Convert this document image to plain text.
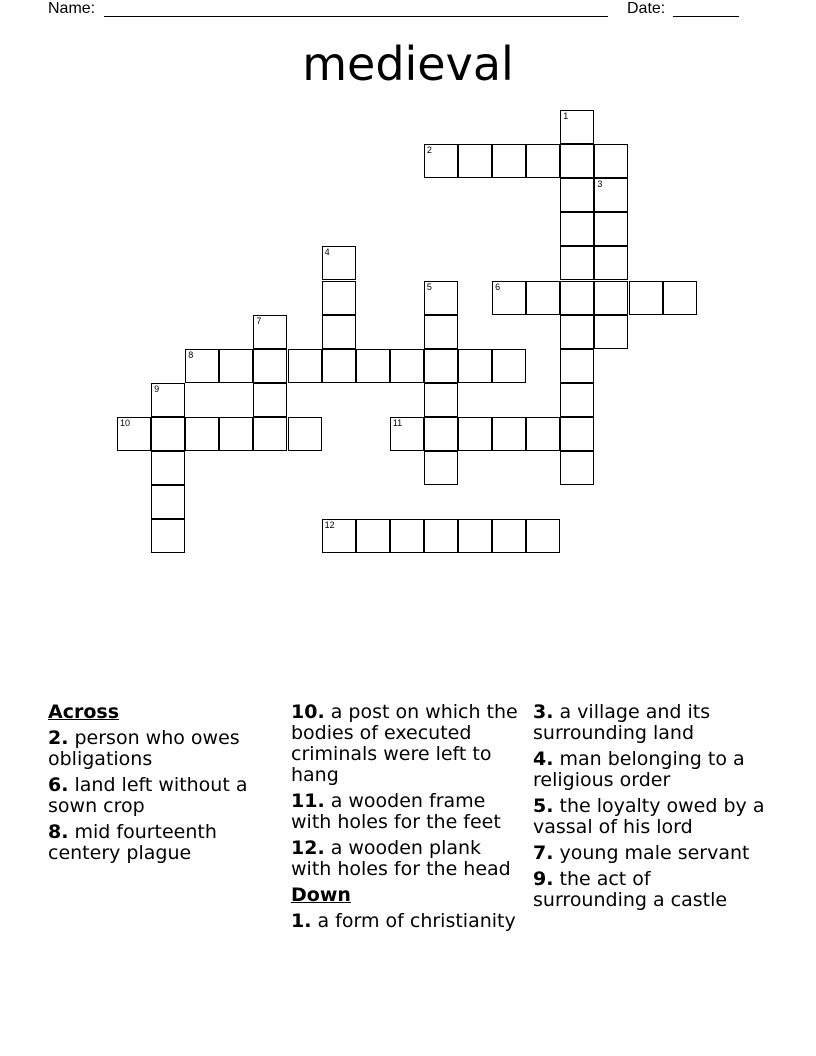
Name:	Date:
medieval
1
2
3
4
5	6
7
8
9
10	11
12
Across
2. person who owes obligations
6. land left without a sown crop
8. mid fourteenth centery plague
10. a post on which the bodies of executed criminals were left to hang
11. a wooden frame with holes for the feet
12. a wooden plank with holes for the head
Down
1. a form of christianity
3. a village and its surrounding land
4. man belonging to a religious order
5. the loyalty owed by a vassal of his lord
7. young male servant
9. the act of surrounding a castle
